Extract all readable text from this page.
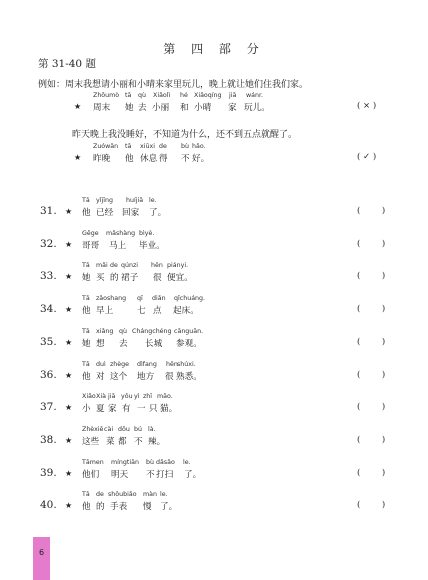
第 四 部 分
第 31-40 题
例如：周末我想请小丽和小晴来家里玩儿，晚上就让她们住我们家。
昨天晚上我没睡好，不知道为什么，还不到五点就醒了。
6
Zhōumò tā qù Xiǎolì hé Xiǎoqíng jiā wánr.
周末 她 去 小丽 和 小晴 家 玩儿。
★	( × )
Zuówǎn tā xiūxi de bù hǎo.
昨晚 他 休息 得 不 好。
★	( ✓ )
Tā yǐjīng huíjiā le.
他 已经 回家 了。
★
31.	(        )
Gēge mǎshàng bìyè.
哥哥 马上 毕业。
★
32.	(        )
Tā mǎi de qúnzi hěn piányi.
她 买 的 裙子 很 便宜。
★
33.	(        )
Tā zǎoshang qī diǎn qǐchuáng.
他 早上	七 点 起床。
★
34.	(        )
Tā xiǎng qù Chángchéng cānguān.
她 想 去 长城 参观。
★
35.	(        )
Tā duì zhège dìfang hěn shúxi.
他 对 这个 地方 很 熟悉。
★
36.	(        )
Xiǎo Xià jiā yǒu yì zhī māo.
小 夏 家 有 一 只 猫。
★
37.	(        )
Zhèxiē cài dōu bú là.
这些 菜 都 不 辣。
★
38.	(        )
Tāmen míngtiān bù dǎsǎo le.
他们 明天 不 打扫 了。
★
39.	(        )
Tā de shǒubiǎo màn le.
他 的 手表 慢 了。
★
40.	(        )
